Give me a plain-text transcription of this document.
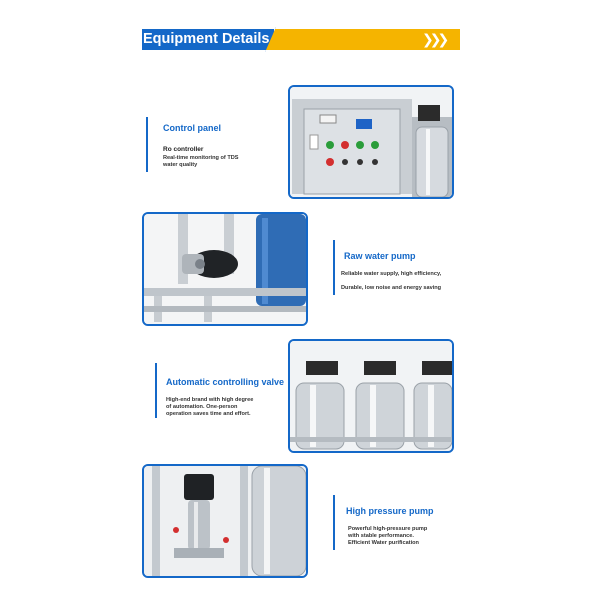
Equipment Details	❯❯❯
Control panel
Ro controller
Real-time monitoring of TDS
water quality
Raw water pump
Reliable water supply, high efficiency,
Durable, low noise and energy saving
Automatic controlling valve
High-end brand with high degree
of automation. One-person
operation saves time and effort.
High pressure pump
Powerful high-pressure pump
with stable performance.
Efficient Water purification
